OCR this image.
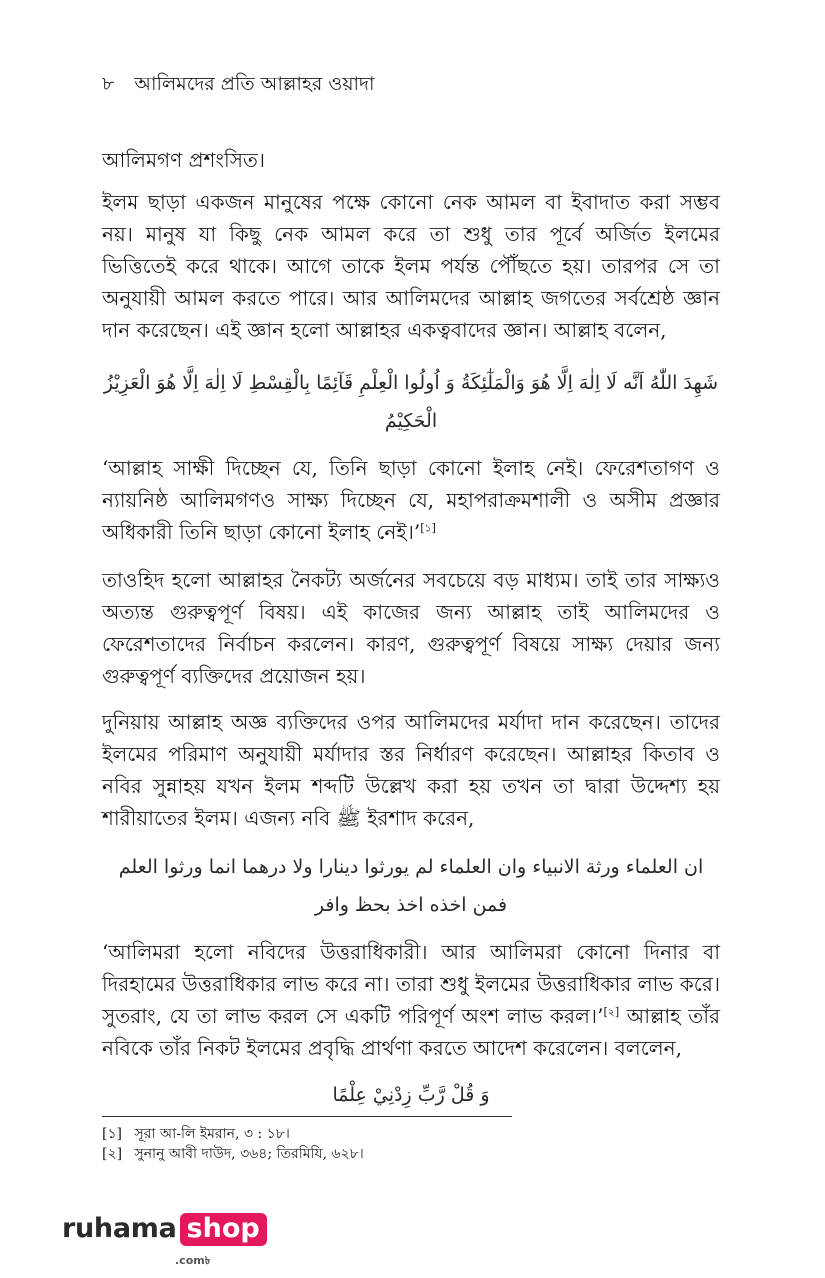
৮ আলিমদের প্রতি আল্লাহর ওয়াদা
আলিমগণ প্রশংসিত।
ইলম ছাড়া একজন মানুষের পক্ষে কোনো নেক আমল বা ইবাদাত করা সম্ভব নয়। মানুষ যা কিছু নেক আমল করে তা শুধু তার পূর্বে অর্জিত ইলমের ভিত্তিতেই করে থাকে। আগে তাকে ইলম পর্যন্ত পৌঁছতে হয়। তারপর সে তা অনুযায়ী আমল করতে পারে। আর আলিমদের আল্লাহ জগতের সর্বশ্রেষ্ঠ জ্ঞান দান করেছেন। এই জ্ঞান হলো আল্লাহর একত্ববাদের জ্ঞান। আল্লাহ বলেন,
شَهِدَ اللّٰهُ اَنَّه لَا اِلٰهَ اِلَّا هُوَ وَالْمَلٰٓئِكَةُ وَ اُولُوا الْعِلْمِ قَآئِمًا بِالْقِسْطِ لَا اِلٰهَ اِلَّا هُوَ الْعَزِيْزُ الْحَكِيْمُ
‘আল্লাহ সাক্ষী দিচ্ছেন যে, তিনি ছাড়া কোনো ইলাহ নেই। ফেরেশতাগণ ও ন্যায়নিষ্ঠ আলিমগণও সাক্ষ্য দিচ্ছেন যে, মহাপরাক্রমশালী ও অসীম প্রজ্ঞার অধিকারী তিনি ছাড়া কোনো ইলাহ নেই।’[১]
তাওহিদ হলো আল্লাহর নৈকট্য অর্জনের সবচেয়ে বড় মাধ্যম। তাই তার সাক্ষ্যও অত্যন্ত গুরুত্বপূর্ণ বিষয়। এই কাজের জন্য আল্লাহ তাই আলিমদের ও ফেরেশতাদের নির্বাচন করলেন। কারণ, গুরুত্বপূর্ণ বিষয়ে সাক্ষ্য দেয়ার জন্য গুরুত্বপূর্ণ ব্যক্তিদের প্রয়োজন হয়।
দুনিয়ায় আল্লাহ অজ্ঞ ব্যক্তিদের ওপর আলিমদের মর্যাদা দান করেছেন। তাদের ইলমের পরিমাণ অনুযায়ী মর্যাদার স্তর নির্ধারণ করেছেন। আল্লাহর কিতাব ও নবির সুন্নাহয় যখন ইলম শব্দটি উল্লেখ করা হয় তখন তা দ্বারা উদ্দেশ্য হয় শারীয়াতের ইলম। এজন্য নবি ﷺ ইরশাদ করেন,
ان العلماء ورثة الانبياء وان العلماء لم يورثوا دينارا ولا درهما انما ورثوا العلم فمن اخذه اخذ بحظ وافر
‘আলিমরা হলো নবিদের উত্তরাধিকারী। আর আলিমরা কোনো দিনার বা দিরহামের উত্তরাধিকার লাভ করে না। তারা শুধু ইলমের উত্তরাধিকার লাভ করে। সুতরাং, যে তা লাভ করল সে একটি পরিপূর্ণ অংশ লাভ করল।’[২] আল্লাহ তাঁর নবিকে তাঁর নিকট ইলমের প্রবৃদ্ধি প্রার্থণা করতে আদেশ করেলেন। বললেন,
وَ قُلْ رَّبِّ زِدْنِيْ عِلْمًا
[১] সূরা আ-লি ইমরান, ৩ : ১৮।
[২] সুনানু আবী দাউদ, ৩৬৪; তিরমিযি, ৬২৮।
ruhama shop
.com৳
